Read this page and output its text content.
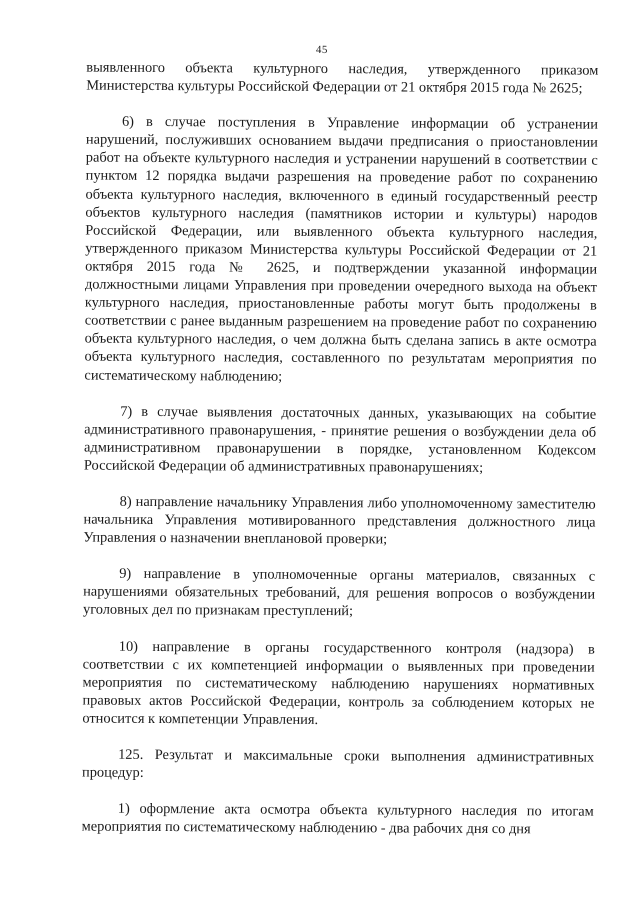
45

выявленного объекта культурного наследия, утвержденного приказом Министерства культуры Российской Федерации от 21 октября 2015 года № 2625;

6) в случае поступления в Управление информации об устранении нарушений, послуживших основанием выдачи предписания о приостановлении работ на объекте культурного наследия и устранении нарушений в соответствии с пунктом 12 порядка выдачи разрешения на проведение работ по сохранению объекта культурного наследия, включенного в единый государственный реестр объектов культурного наследия (памятников истории и культуры) народов Российской Федерации, или выявленного объекта культурного наследия, утвержденного приказом Министерства культуры Российской Федерации от 21 октября 2015 года № 2625, и подтверждении указанной информации должностными лицами Управления при проведении очередного выхода на объект культурного наследия, приостановленные работы могут быть продолжены в соответствии с ранее выданным разрешением на проведение работ по сохранению объекта культурного наследия, о чем должна быть сделана запись в акте осмотра объекта культурного наследия, составленного по результатам мероприятия по систематическому наблюдению;

7) в случае выявления достаточных данных, указывающих на событие административного правонарушения, - принятие решения о возбуждении дела об административном правонарушении в порядке, установленном Кодексом Российской Федерации об административных правонарушениях;

8) направление начальнику Управления либо уполномоченному заместителю начальника Управления мотивированного представления должностного лица Управления о назначении внеплановой проверки;

9) направление в уполномоченные органы материалов, связанных с нарушениями обязательных требований, для решения вопросов о возбуждении уголовных дел по признакам преступлений;

10) направление в органы государственного контроля (надзора) в соответствии с их компетенцией информации о выявленных при проведении мероприятия по систематическому наблюдению нарушениях нормативных правовых актов Российской Федерации, контроль за соблюдением которых не относится к компетенции Управления.

125. Результат и максимальные сроки выполнения административных процедур:

1) оформление акта осмотра объекта культурного наследия по итогам мероприятия по систематическому наблюдению - два рабочих дня со дня
